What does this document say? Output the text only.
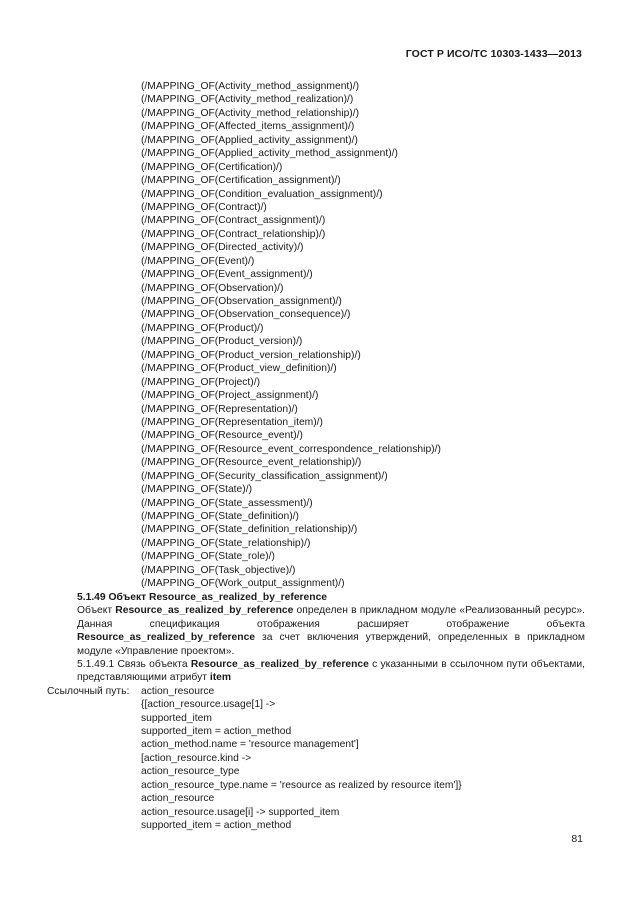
ГОСТ Р ИСО/ТС 10303-1433—2013
(/MAPPING_OF(Activity_method_assignment)/)
(/MAPPING_OF(Activity_method_realization)/)
(/MAPPING_OF(Activity_method_relationship)/)
(/MAPPING_OF(Affected_items_assignment)/)
(/MAPPING_OF(Applied_activity_assignment)/)
(/MAPPING_OF(Applied_activity_method_assignment)/)
(/MAPPING_OF(Certification)/)
(/MAPPING_OF(Certification_assignment)/)
(/MAPPING_OF(Condition_evaluation_assignment)/)
(/MAPPING_OF(Contract)/)
(/MAPPING_OF(Contract_assignment)/)
(/MAPPING_OF(Contract_relationship)/)
(/MAPPING_OF(Directed_activity)/)
(/MAPPING_OF(Event)/)
(/MAPPING_OF(Event_assignment)/)
(/MAPPING_OF(Observation)/)
(/MAPPING_OF(Observation_assignment)/)
(/MAPPING_OF(Observation_consequence)/)
(/MAPPING_OF(Product)/)
(/MAPPING_OF(Product_version)/)
(/MAPPING_OF(Product_version_relationship)/)
(/MAPPING_OF(Product_view_definition)/)
(/MAPPING_OF(Project)/)
(/MAPPING_OF(Project_assignment)/)
(/MAPPING_OF(Representation)/)
(/MAPPING_OF(Representation_item)/)
(/MAPPING_OF(Resource_event)/)
(/MAPPING_OF(Resource_event_correspondence_relationship)/)
(/MAPPING_OF(Resource_event_relationship)/)
(/MAPPING_OF(Security_classification_assignment)/)
(/MAPPING_OF(State)/)
(/MAPPING_OF(State_assessment)/)
(/MAPPING_OF(State_definition)/)
(/MAPPING_OF(State_definition_relationship)/)
(/MAPPING_OF(State_relationship)/)
(/MAPPING_OF(State_role)/)
(/MAPPING_OF(Task_objective)/)
(/MAPPING_OF(Work_output_assignment)/)

5.1.49 Объект Resource_as_realized_by_reference

Объект Resource_as_realized_by_reference определен в прикладном модуле «Реализованный ресурс». Данная спецификация отображения расширяет отображение объекта Resource_as_realized_by_reference за счет включения утверждений, определенных в прикладном модуле «Управление проектом».

5.1.49.1 Связь объекта Resource_as_realized_by_reference с указанными в ссылочном пути объектами, представляющими атрибут item

Ссылочный путь:	action_resource
{[action_resource.usage[1] ->
supported_item
supported_item = action_method
action_method.name = 'resource management']
[action_resource.kind ->
action_resource_type
action_resource_type.name = 'resource as realized by resource item']}
action_resource
action_resource.usage[i] -> supported_item
supported_item = action_method
81
